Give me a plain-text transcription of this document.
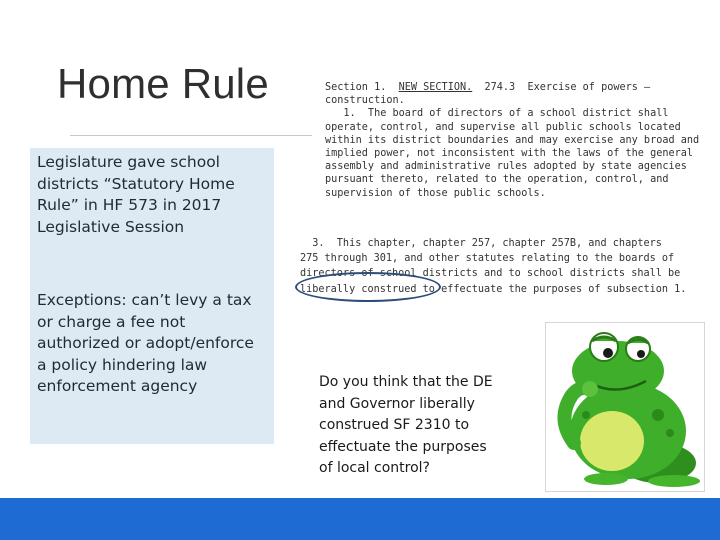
Home Rule
Legislature gave school
districts “Statutory Home
Rule” in HF 573 in 2017
Legislative Session
Exceptions: can’t levy a tax
or charge a fee not
authorized or adopt/enforce
a policy hindering law
enforcement agency
Section 1. NEW SECTION. 274.3 Exercise of powers —
construction.
1.  The board of directors of a school district shall
operate, control, and supervise all public schools located
within its district boundaries and may exercise any broad and
implied power, not inconsistent with the laws of the general
assembly and administrative rules adopted by state agencies
pursuant thereto, related to the operation, control, and
supervision of those public schools.
3.  This chapter, chapter 257, chapter 257B, and chapters
275 through 301, and other statutes relating to the boards of
directors of school districts and to school districts shall be
liberally construed to effectuate the purposes of subsection 1.
Do you think that the DE
and Governor liberally
construed SF 2310 to
effectuate the purposes
of local control?
